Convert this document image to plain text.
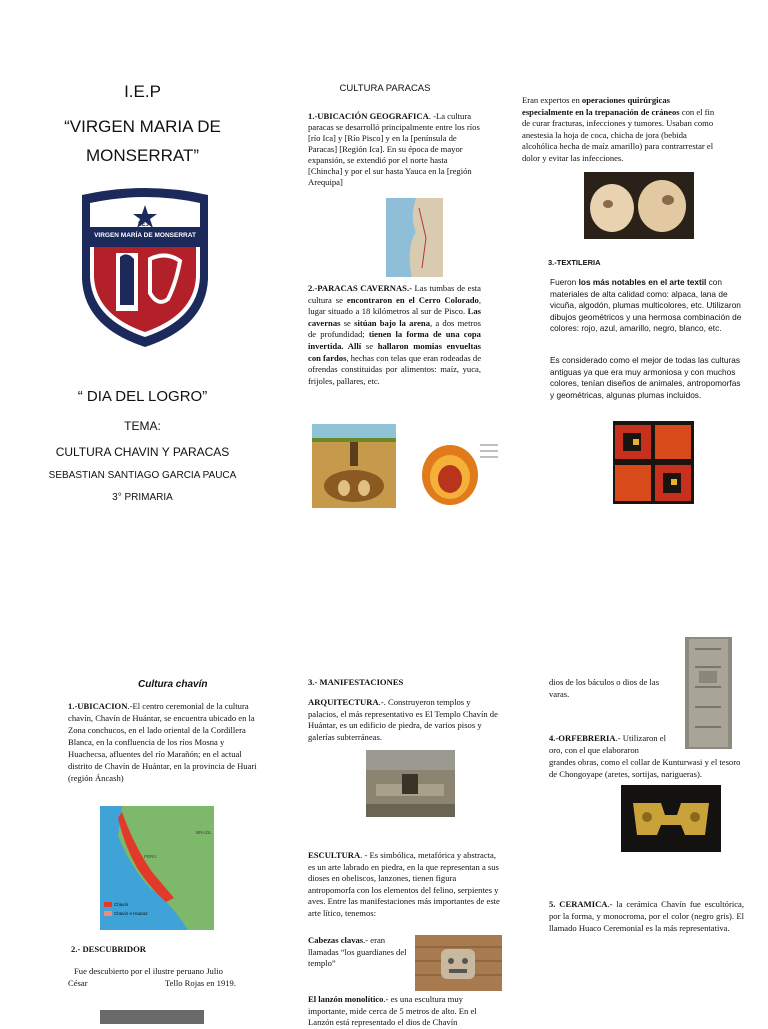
I.E.P
“VIRGEN MARIA DE
MONSERRAT”
I.E.P.
VIRGEN MARÍA DE MONSERRAT
“ DIA DEL LOGRO”
TEMA:
CULTURA CHAVIN Y PARACAS
SEBASTIAN SANTIAGO GARCIA PAUCA
3° PRIMARIA
CULTURA PARACAS

1.-UBICACIÓN GEOGRAFICA. -La cultura paracas se desarrolló principalmente entre los ríos [río Ica] y [Río Pisco] y en la [península de Paracas] [Región Ica]. En su época de mayor expansión, se extendió por el norte hasta [Chincha] y por el sur hasta Yauca en la [región Arequipa]

2.-PARACAS CAVERNAS.- Las tumbas de esta cultura se encontraron en el Cerro Colorado, lugar situado a 18 kilómetros al sur de Pisco. Las cavernas se sitúan bajo la arena, a dos metros de profundidad; tienen la forma de una copa invertida. Allí se hallaron momias envueltas con fardos, hechas con telas que eran rodeadas de ofrendas constituidas por alimentos: maíz, yuca, frijoles, pallares, etc.

Eran expertos en operaciones quirúrgicas especialmente en la trepanación de cráneos con el fin de curar fracturas, infecciones y tumores. Usaban como anestesia la hoja de coca, chicha de jora (bebida alcohólica hecha de maíz amarillo) para contrarrestar el dolor y evitar las infecciones.

3.-TEXTILERIA

Fueron los más notables en el arte textil con materiales de alta calidad como: alpaca, lana de vicuña, algodón, plumas multicolores, etc. Utilizaron dibujos geométricos y una hermosa combinación de colores: rojo, azul, amarillo, negro, blanco, etc.

Es considerado como el mejor de todas las culturas antiguas ya que era muy armoniosa y con muchos colores, tenían diseños de animales, antropomorfas y geométricas, algunas plumas incluidos.

Cultura chavín

1.-UBICACION.-El centro ceremonial de la cultura chavín, Chavín de Huántar, se encuentra ubicado en la Zona conchucos, en el lado oriental de la Cordillera Blanca, en la confluencia de los ríos Mosna y Huachecsa, afluentes del río Marañón; en el actual distrito de Chavín de Huántar, en la provincia de Huari (región Áncash)

Chavín
Chavín e Huaraz
BRAZIL
PERU
2.- DESCUBRIDOR
Fue descubierto por el ilustre peruano Julio
César	Tello Rojas en 1919.
3.- MANIFESTACIONES

ARQUITECTURA.-. Construyeron templos y palacios, el más representativo es El Templo Chavín de Huántar, es un edificio de piedra, de varios pisos y galerías subterráneas.

ESCULTURA. - Es simbólica, metafórica y abstracta, es un arte labrado en piedra, en la que representan a sus dioses en obeliscos, lanzones, tienen figura antropomorfa con los elementos del felino, serpientes y aves. Entre las manifestaciones más importantes de este arte lítico, tenemos:

Cabezas clavas.- eran llamadas “los guardianes del templo”

El lanzón monolítico.- es una escultura muy importante, mide cerca de 5 metros de alto. En el Lanzón está representado el dios de Chavín

dios de los báculos o dios de las varas.

4.-ORFEBRERIA.- Utilizaron el oro, con el que elaboraron

grandes obras, como el collar de Kunturwasi y el tesoro de Chongoyape (aretes, sortijas, narigueras).

5. CERAMICA.- la cerámica Chavín fue escultórica, por la forma, y monocroma, por el color (negro gris). El llamado Huaco Ceremonial es la más representativa.
